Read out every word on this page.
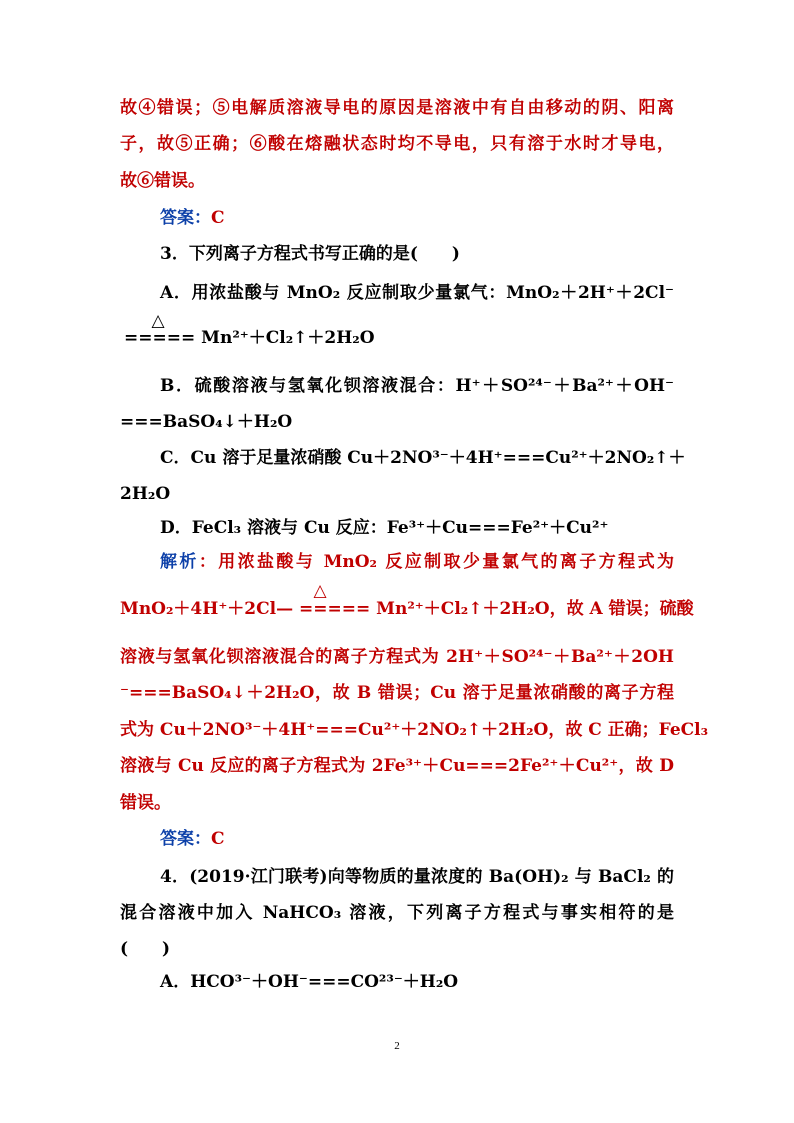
故④错误；⑤电解质溶液导电的原因是溶液中有自由移动的阴、阳离
子，故⑤正确；⑥酸在熔融状态时均不导电，只有溶于水时才导电，
故⑥错误。
答案：C
3．下列离子方程式书写正确的是(　　)
A．用浓盐酸与 MnO₂ 反应制取少量氯气：MnO₂＋2H⁺＋2Cl⁻
△
===== Mn²⁺＋Cl₂↑＋2H₂O
B．硫酸溶液与氢氧化钡溶液混合：H⁺＋SO²⁴⁻＋Ba²⁺＋OH⁻
===BaSO₄↓＋H₂O
C．Cu 溶于足量浓硝酸 Cu＋2NO³⁻＋4H⁺===Cu²⁺＋2NO₂↑＋
2H₂O
D．FeCl₃ 溶液与 Cu 反应：Fe³⁺＋Cu===Fe²⁺＋Cu²⁺
解析：用浓盐酸与 MnO₂ 反应制取少量氯气的离子方程式为
△
MnO₂＋4H⁺＋2Cl— ===== Mn²⁺＋Cl₂↑＋2H₂O，故 A 错误；硫酸
溶液与氢氧化钡溶液混合的离子方程式为 2H⁺＋SO²⁴⁻＋Ba²⁺＋2OH
⁻===BaSO₄↓＋2H₂O，故 B 错误；Cu 溶于足量浓硝酸的离子方程
式为 Cu＋2NO³⁻＋4H⁺===Cu²⁺＋2NO₂↑＋2H₂O，故 C 正确；FeCl₃
溶液与 Cu 反应的离子方程式为 2Fe³⁺＋Cu===2Fe²⁺＋Cu²⁺，故 D
错误。
答案：C
4．(2019·江门联考)向等物质的量浓度的 Ba(OH)₂ 与 BaCl₂ 的
混合溶液中加入 NaHCO₃ 溶液，下列离子方程式与事实相符的是
(　　)
A．HCO³⁻＋OH⁻===CO²³⁻＋H₂O
2
